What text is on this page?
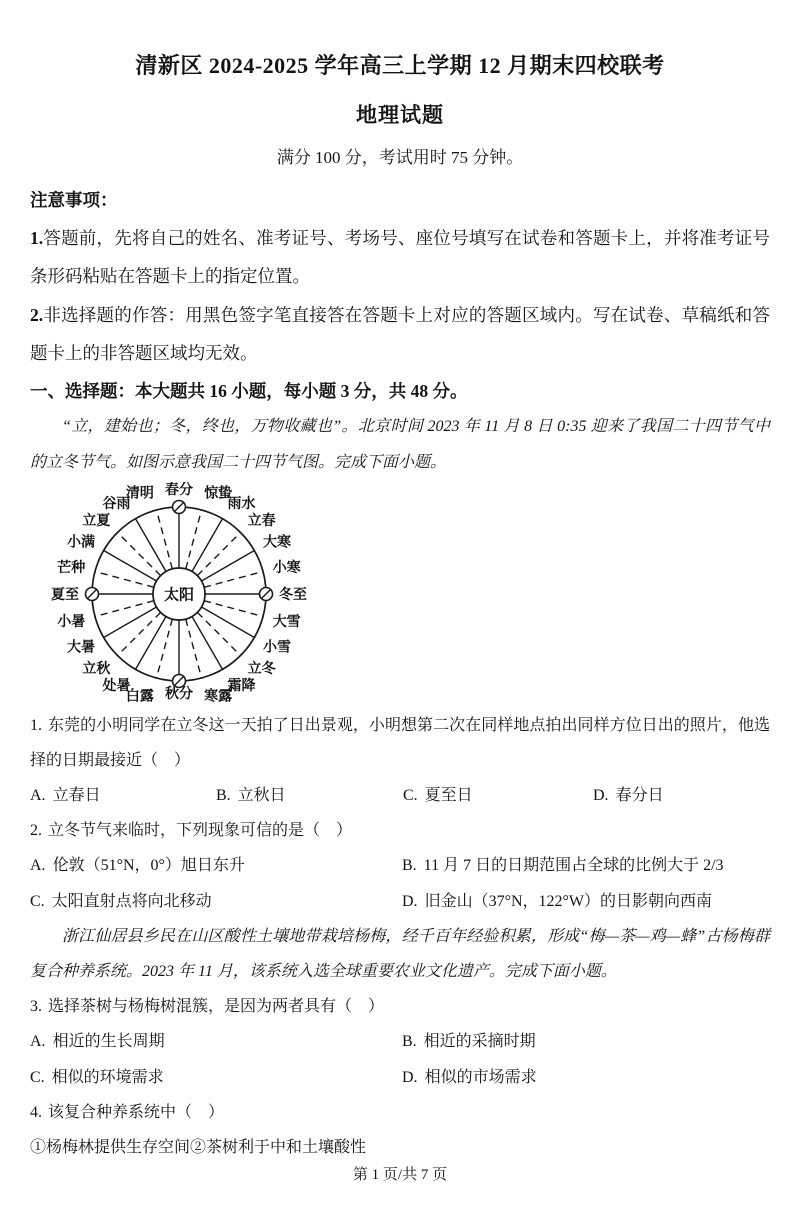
清新区 2024-2025 学年高三上学期 12 月期末四校联考
地理试题

满分 100 分，考试用时 75 分钟。

注意事项：

1.答题前，先将自己的姓名、准考证号、考场号、座位号填写在试卷和答题卡上，并将准考证号条形码粘贴在答题卡上的指定位置。

2.非选择题的作答：用黑色签字笔直接答在答题卡上对应的答题区域内。写在试卷、草稿纸和答题卡上的非答题区域均无效。

一、选择题：本大题共 16 小题，每小题 3 分，共 48 分。

“立，建始也；冬，终也，万物收藏也”。北京时间 2023 年 11 月 8 日 0:35 迎来了我国二十四节气中的立冬节气。如图示意我国二十四节气图。完成下面小题。

太阳
春分 惊蛰
雨水
立春
大寒
小寒
冬至
大雪
小雪
立冬
霜降
寒露
秋分
白露
处暑
立秋
大暑
小暑
夏至
芒种
小满
立夏
谷雨
清明

1. 东莞的小明同学在立冬这一天拍了日出景观，小明想第二次在同样地点拍出同样方位日出的照片，他选择的日期最接近（　）

A. 立春日	B. 立秋日	C. 夏至日	D. 春分日

2. 立冬节气来临时，下列现象可信的是（　）

A. 伦敦（51°N，0°）旭日东升	B. 11 月 7 日的日期范围占全球的比例大于 2/3
C. 太阳直射点将向北移动	D. 旧金山（37°N，122°W）的日影朝向西南

浙江仙居县乡民在山区酸性土壤地带栽培杨梅，经千百年经验积累，形成“梅—茶—鸡—蜂”古杨梅群复合种养系统。2023 年 11 月，该系统入选全球重要农业文化遗产。完成下面小题。

3. 选择茶树与杨梅树混簇，是因为两者具有（　）

A. 相近的生长周期	B. 相近的采摘时期
C. 相似的环境需求	D. 相似的市场需求

4. 该复合种养系统中（　）

①杨梅林提供生存空间②茶树利于中和土壤酸性

第 1 页/共 7 页
